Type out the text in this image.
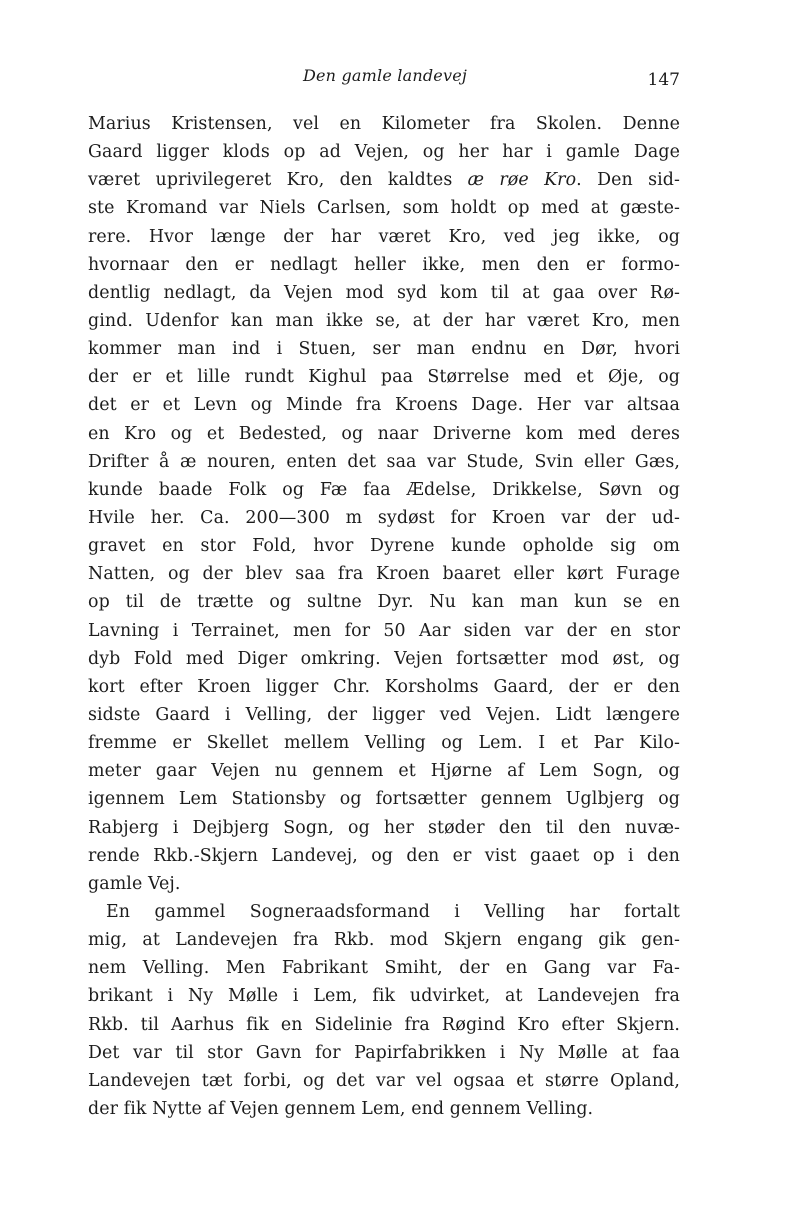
Den gamle landevej	147
Marius Kristensen, vel en Kilometer fra Skolen. Denne
Gaard ligger klods op ad Vejen, og her har i gamle Dage
været uprivilegeret Kro, den kaldtes æ røe Kro. Den sid-
ste Kromand var Niels Carlsen, som holdt op med at gæste-
rere. Hvor længe der har været Kro, ved jeg ikke, og
hvornaar den er nedlagt heller ikke, men den er formo-
dentlig nedlagt, da Vejen mod syd kom til at gaa over Rø-
gind. Udenfor kan man ikke se, at der har været Kro, men
kommer man ind i Stuen, ser man endnu en Dør, hvori
der er et lille rundt Kighul paa Størrelse med et Øje, og
det er et Levn og Minde fra Kroens Dage. Her var altsaa
en Kro og et Bedested, og naar Driverne kom med deres
Drifter å æ nouren, enten det saa var Stude, Svin eller Gæs,
kunde baade Folk og Fæ faa Ædelse, Drikkelse, Søvn og
Hvile her. Ca. 200—300 m sydøst for Kroen var der ud-
gravet en stor Fold, hvor Dyrene kunde opholde sig om
Natten, og der blev saa fra Kroen baaret eller kørt Furage
op til de trætte og sultne Dyr. Nu kan man kun se en
Lavning i Terrainet, men for 50 Aar siden var der en stor
dyb Fold med Diger omkring. Vejen fortsætter mod øst, og
kort efter Kroen ligger Chr. Korsholms Gaard, der er den
sidste Gaard i Velling, der ligger ved Vejen. Lidt længere
fremme er Skellet mellem Velling og Lem. I et Par Kilo-
meter gaar Vejen nu gennem et Hjørne af Lem Sogn, og
igennem Lem Stationsby og fortsætter gennem Uglbjerg og
Rabjerg i Dejbjerg Sogn, og her støder den til den nuvæ-
rende Rkb.-Skjern Landevej, og den er vist gaaet op i den
gamle Vej.
En gammel Sogneraadsformand i Velling har fortalt
mig, at Landevejen fra Rkb. mod Skjern engang gik gen-
nem Velling. Men Fabrikant Smiht, der en Gang var Fa-
brikant i Ny Mølle i Lem, fik udvirket, at Landevejen fra
Rkb. til Aarhus fik en Sidelinie fra Røgind Kro efter Skjern.
Det var til stor Gavn for Papirfabrikken i Ny Mølle at faa
Landevejen tæt forbi, og det var vel ogsaa et større Opland,
der fik Nytte af Vejen gennem Lem, end gennem Velling.
